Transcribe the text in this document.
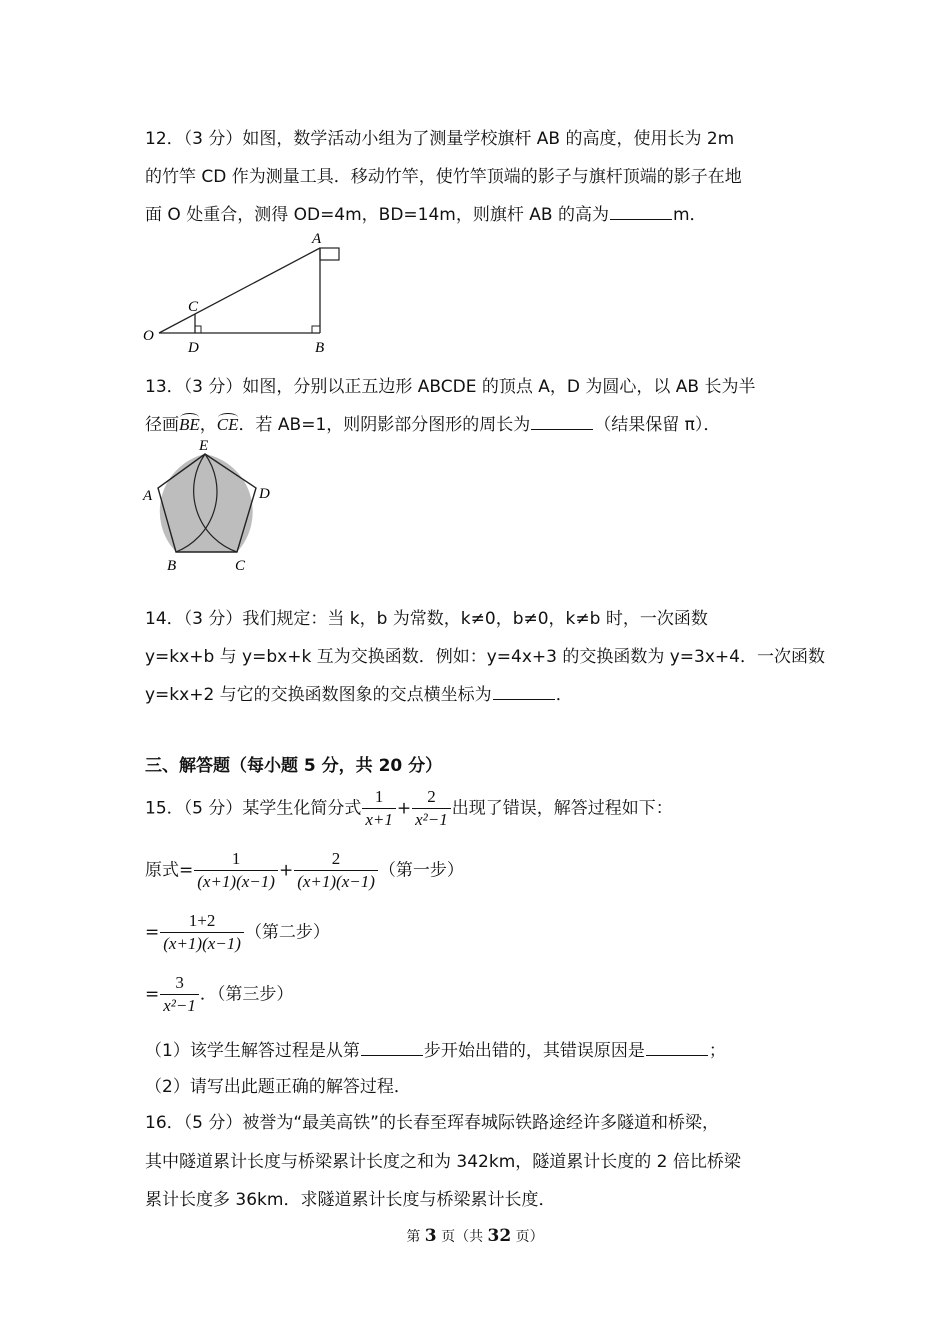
12．（3 分）如图，数学活动小组为了测量学校旗杆 AB 的高度，使用长为 2m
的竹竿 CD 作为测量工具．移动竹竿，使竹竿顶端的影子与旗杆顶端的影子在地
面 O 处重合，测得 OD=4m，BD=14m，则旗杆 AB 的高为	m．
A
C
O
D	B
13．（3 分）如图，分别以正五边形 ABCDE 的顶点 A，D 为圆心，以 AB 长为半
径画BE，CE．若 AB=1，则阴影部分图形的周长为	（结果保留 π）．
E
A	D
B	C
14．（3 分）我们规定：当 k，b 为常数，k≠0，b≠0，k≠b 时，一次函数
y=kx+b 与 y=bx+k 互为交换函数．例如：y=4x+3 的交换函数为 y=3x+4．一次函数
y=kx+2 与它的交换函数图象的交点横坐标为	．
三、解答题（每小题 5 分，共 20 分）
15．（5 分）某学生化简分式 $\frac{1}{x+1} + \frac{2}{\text{x²−1}}$ 出现了错误，解答过程如下：
原式= $\frac{1}{(x+1)(x-1)} + \frac{2}{(x+1)(x-1)}$ （第一步）
= $\frac{1+2}{(x+1)(x-1)}$ （第二步）
= $\frac{3}{\text{x²−1}}$ ．（第三步）
（1）该学生解答过程是从第	步开始出错的，其错误原因是	；
（2）请写出此题正确的解答过程．
16．（5 分）被誉为“最美高铁”的长春至珲春城际铁路途经许多隧道和桥梁，
其中隧道累计长度与桥梁累计长度之和为 342km，隧道累计长度的 2 倍比桥梁
累计长度多 36km．求隧道累计长度与桥梁累计长度．
第 3 页（共 32 页）
